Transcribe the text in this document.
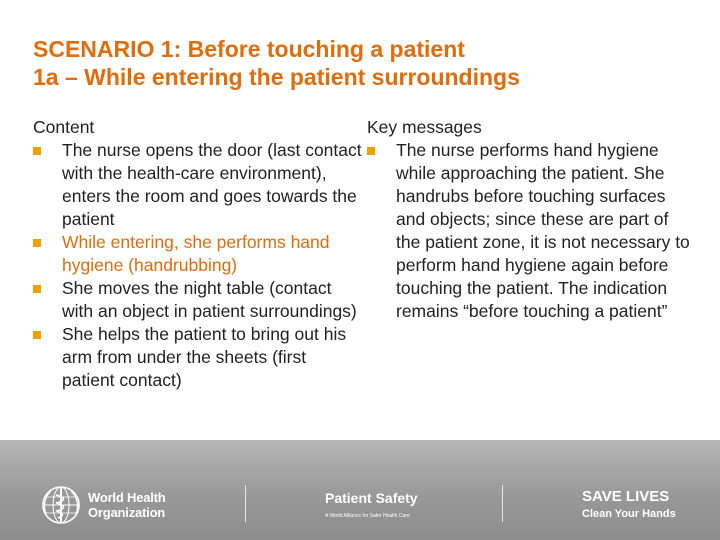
SCENARIO 1: Before touching a patient
1a – While entering the patient surroundings
Content
The nurse opens the door (last contact with the health-care environment), enters the room and goes towards the patient
While entering, she performs hand hygiene (handrubbing)
She moves the night table (contact with an object in patient surroundings)
She helps the patient to bring out his arm from under the sheets (first patient contact)
Key messages
The nurse performs hand hygiene while approaching the patient. She handrubs before touching surfaces and objects; since these are part of the patient zone, it is not necessary to perform hand hygiene again before touching the patient. The indication remains “before touching a patient”
World Health
Organization
Patient Safety
A World Alliance for Safer Health Care
SAVE LIVES
Clean Your Hands
